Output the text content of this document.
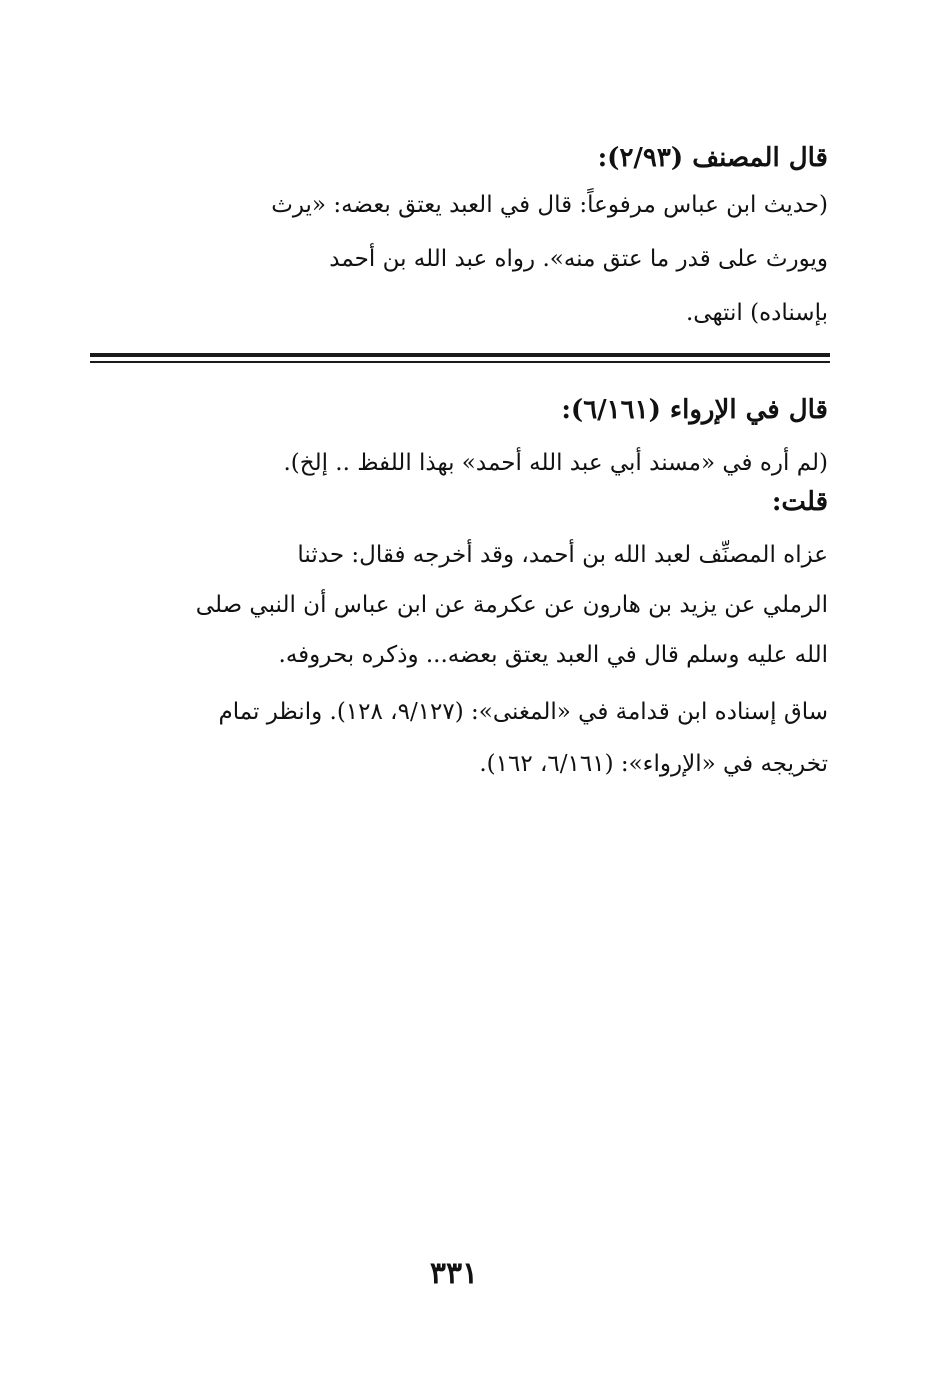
قال المصنف (٢/٩٣):
(حديث ابن عباس مرفوعاً: قال في العبد يعتق بعضه: «يرث
ويورث على قدر ما عتق منه». رواه عبد الله بن أحمد
بإسناده) انتهى.
قال في الإرواء (٦/١٦١):
(لم أره في «مسند أبي عبد الله أحمد» بهذا اللفظ .. إلخ).
قلت:
عزاه المصنِّف لعبد الله بن أحمد، وقد أخرجه فقال: حدثنا
الرملي عن يزيد بن هارون عن عكرمة عن ابن عباس أن النبي صلى
الله عليه وسلم قال في العبد يعتق بعضه... وذكره بحروفه.
ساق إسناده ابن قدامة في «المغنى»: (٩/١٢٧، ١٢٨). وانظر تمام
تخريجه في «الإرواء»: (٦/١٦١، ١٦٢).
٣٣١
